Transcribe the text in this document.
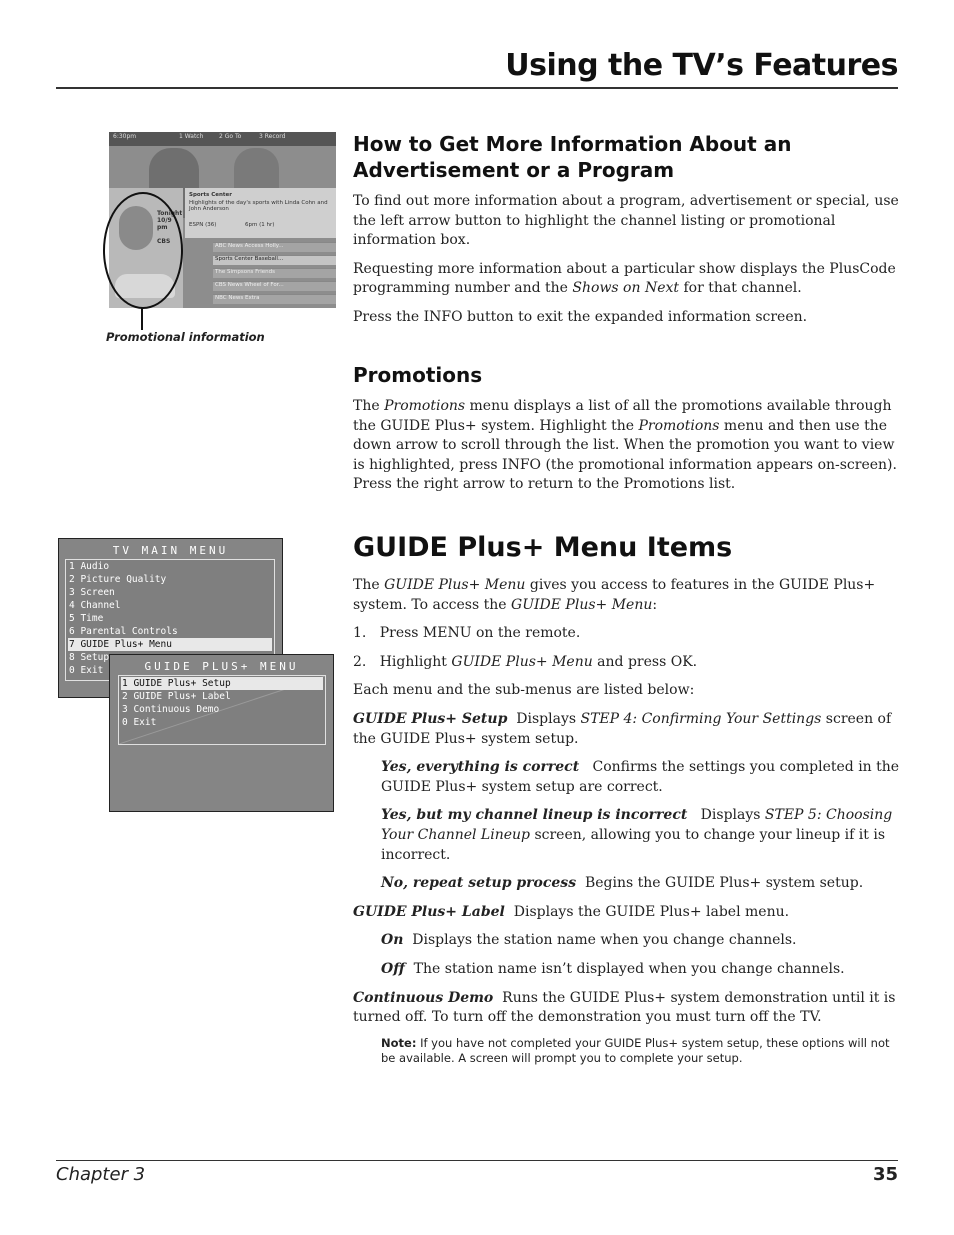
Using the TV’s Features
6:30pm	1 Watch	2 Go To	3 Record
Sports Center
Highlights of the day's sports with Linda Cohn and John Anderson
ESPN (36)	6pm (1 hr)
ABC News Access Holly...
Sports Center Baseball...
The Simpsons Friends
CBS News Wheel of For...
NBC News Extra
Tonight 10/9 pm
CBS
Promotional information
How to Get More Information About an Advertisement or a Program

To find out more information about a program, advertisement or special, use the left arrow button to highlight the channel listing or promotional information box.

Requesting more information about a particular show displays the PlusCode programming number and the Shows on Next for that channel.

Press the INFO button to exit the expanded information screen.

Promotions

The Promotions menu displays a list of all the promotions available through the GUIDE Plus+ system. Highlight the Promotions menu and then use the down arrow to scroll through the list. When the promotion you want to view is highlighted, press INFO (the promotional information appears on-screen). Press the right arrow to return to the Promotions list.

TV MAIN MENU
1 Audio
2 Picture Quality
3 Screen
4 Channel
5 Time
6 Parental Controls
7 GUIDE Plus+ Menu
8 Setup
0 Exit	GUIDE PLUS+ MENU
1 GUIDE Plus+ Setup
2 GUIDE Plus+ Label
3 Continuous Demo
0 Exit
GUIDE Plus+ Menu Items

The GUIDE Plus+ Menu gives you access to features in the GUIDE Plus+ system. To access the GUIDE Plus+ Menu:

1.   Press MENU on the remote.

2.   Highlight GUIDE Plus+ Menu and press OK.

Each menu and the sub-menus are listed below:

GUIDE Plus+ Setup  Displays STEP 4: Confirming Your Settings screen of the GUIDE Plus+ system setup.

Yes, everything is correct   Confirms the settings you completed in the GUIDE Plus+ system setup are correct.

Yes, but my channel lineup is incorrect   Displays STEP 5: Choosing Your Channel Lineup screen, allowing you to change your lineup if it is incorrect.

No, repeat setup process  Begins the GUIDE Plus+ system setup.

GUIDE Plus+ Label  Displays the GUIDE Plus+ label menu.

On  Displays the station name when you change channels.

Off  The station name isn’t displayed when you change channels.

Continuous Demo  Runs the GUIDE Plus+ system demonstration until it is turned off. To turn off the demonstration you must turn off the TV.

Note: If you have not completed your GUIDE Plus+ system setup, these options will not be available. A screen will prompt you to complete your setup.
Chapter 3	35
